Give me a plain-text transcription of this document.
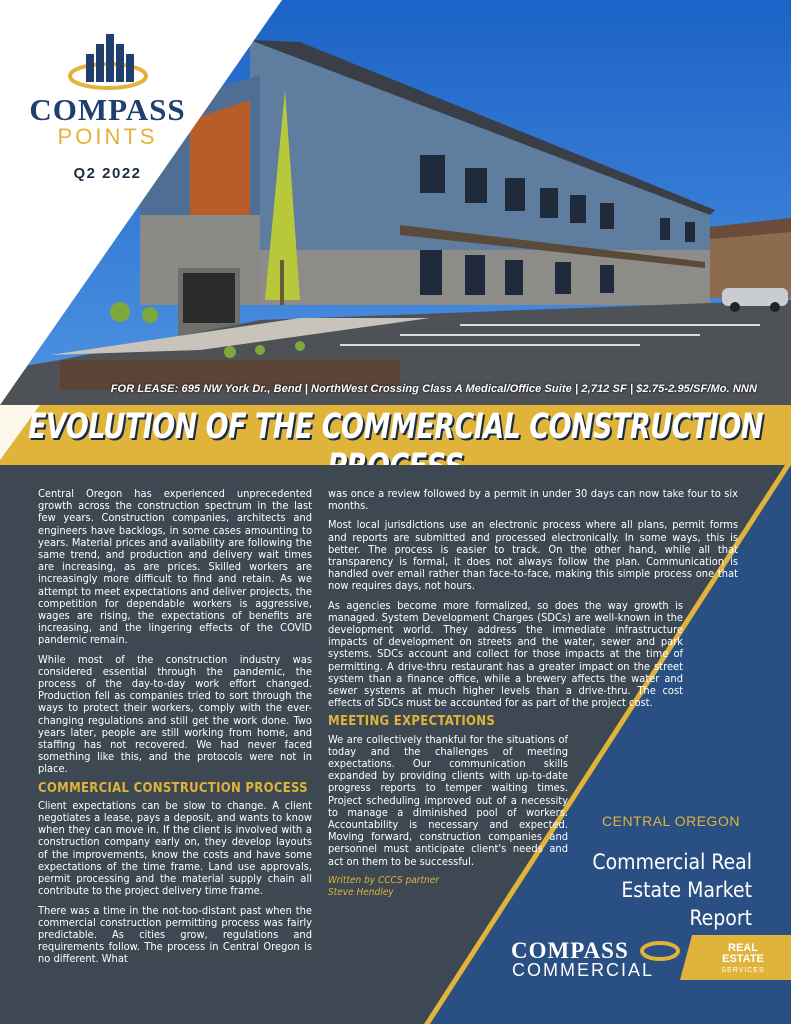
COMPASS
POINTS
Q2 2022
FOR LEASE: 695 NW York Dr., Bend | NorthWest Crossing Class A Medical/Office Suite | 2,712 SF | $2.75-2.95/SF/Mo. NNN
EVOLUTION OF THE COMMERCIAL CONSTRUCTION

Central Oregon has experienced unprecedented growth across the construction spectrum in the last few years. Construction companies, architects and engineers have backlogs, in some cases amounting to years. Material prices and availability are following the same trend, and production and delivery wait times are increasing, as are prices. Skilled workers are increasingly more difficult to find and retain. As we attempt to meet expectations and deliver projects, the competition for dependable workers is aggressive, wages are rising, the expectations of benefits are increasing, and the lingering effects of the COVID pandemic remain.

While most of the construction industry was considered essential through the pandemic, the process of the day-to-day work effort changed. Production fell as companies tried to sort through the ways to protect their workers, comply with the ever-changing regulations and still get the work done. Two years later, people are still working from home, and staffing has not recovered. We had never faced something like this, and the protocols were not in place.

COMMERCIAL CONSTRUCTION PROCESS

Client expectations can be slow to change. A client negotiates a lease, pays a deposit, and wants to know when they can move in. If the client is involved with a construction company early on, they develop layouts of the improvements, know the costs and have some expectations of the time frame. Land use approvals, permit processing and the material supply chain all contribute to the project delivery time frame.

There was a time in the not-too-distant past when the commercial construction permitting process was fairly predictable. As cities grow, regulations and requirements follow. The process in Central Oregon is no different. What

was once a review followed by a permit in under 30 days can now take four to six months.

Most local jurisdictions use an electronic process where all plans, permit forms and reports are submitted and processed electronically. In some ways, this is better. The process is easier to track. On the other hand, while all that transparency is formal, it does not always follow the plan. Communication is handled over email rather than face-to-face, making this simple process one that now requires days, not hours.

As agencies become more formalized, so does the way growth is managed. System Development Charges (SDCs) are well-known in the development world. They address the immediate infrastructure impacts of development on streets and the water, sewer and park systems. SDCs account and collect for those impacts at the time of permitting. A drive-thru restaurant has a greater impact on the street system than a finance office, while a brewery affects the water and sewer systems at much higher levels than a drive-thru. The cost effects of SDCs must be accounted for as part of the project cost.

MEETING EXPECTATIONS

We are collectively thankful for the situations of today and the challenges of meeting expectations. Our communication skills expanded by providing clients with up-to-date progress reports to temper waiting times. Project scheduling improved out of a necessity to manage a diminished pool of workers. Accountability is necessary and expected. Moving forward, construction companies and personnel must anticipate client's needs and act on them to be successful.

Written by CCCS partner
Steve Hendley
CENTRAL OREGON
Commercial Real
Estate Market Report
COMPASS
COMMERCIAL
REAL
ESTATE
SERVICES
